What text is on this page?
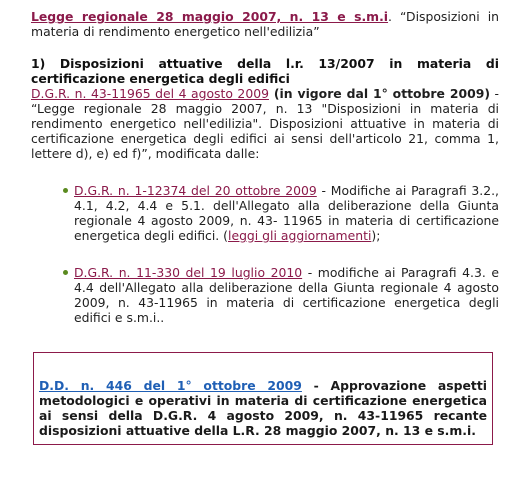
Legge regionale 28 maggio 2007, n. 13 e s.m.i. “Disposizioni in materia di rendimento energetico nell'edilizia”

1) Disposizioni attuative della l.r. 13/2007 in materia di certificazione energetica degli edifici

D.G.R. n. 43-11965 del 4 agosto 2009 (in vigore dal 1° ottobre 2009) - “Legge regionale 28 maggio 2007, n. 13 "Disposizioni in materia di rendimento energetico nell'edilizia". Disposizioni attuative in materia di certificazione energetica degli edifici ai sensi dell'articolo 21, comma 1, lettere d), e) ed f)”, modificata dalle:

D.G.R. n. 1-12374 del 20 ottobre 2009 - Modifiche ai Paragrafi 3.2., 4.1, 4.2, 4.4 e 5.1. dell'Allegato alla deliberazione della Giunta regionale 4 agosto 2009, n. 43- 11965 in materia di certificazione energetica degli edifici. (leggi gli aggiornamenti);
D.G.R. n. 11-330 del 19 luglio 2010 - modifiche ai Paragrafi 4.3. e 4.4 dell'Allegato alla deliberazione della Giunta regionale 4 agosto 2009, n. 43-11965 in materia di certificazione energetica degli edifici e s.m.i..

D.D. n. 446 del 1° ottobre 2009 - Approvazione aspetti metodologici e operativi in materia di certificazione energetica ai sensi della D.G.R. 4 agosto 2009, n. 43-11965 recante disposizioni attuative della L.R. 28 maggio 2007, n. 13 e s.m.i.
